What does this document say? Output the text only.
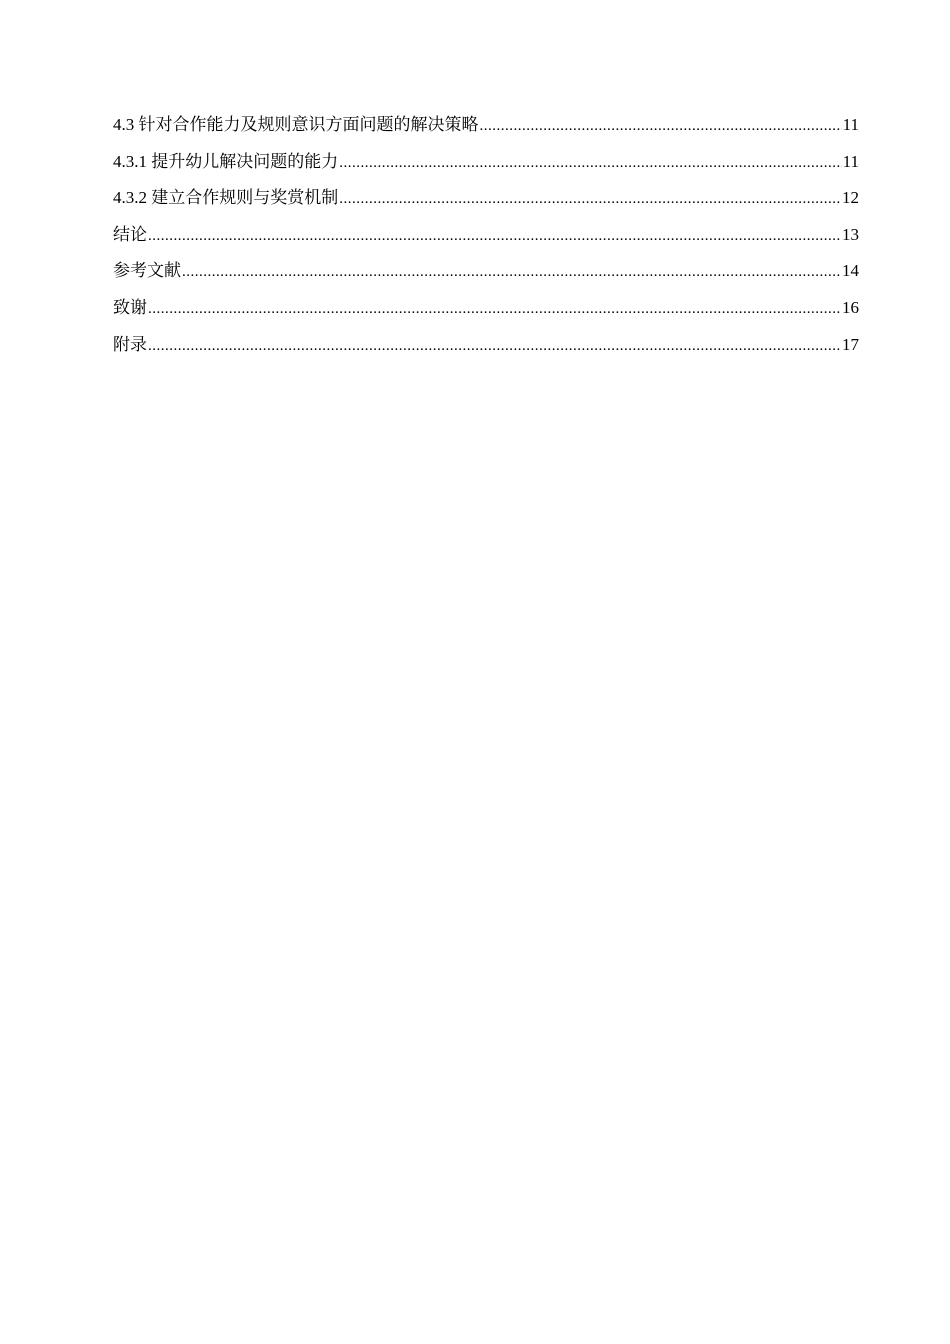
4.3 针对合作能力及规则意识方面问题的解决策略 .....	11
4.3.1 提升幼儿解决问题的能力 .....	11
4.3.2 建立合作规则与奖赏机制 .....	12
结论 .....	13
参考文献 .....	14
致谢 .....	16
附录 .....	17
